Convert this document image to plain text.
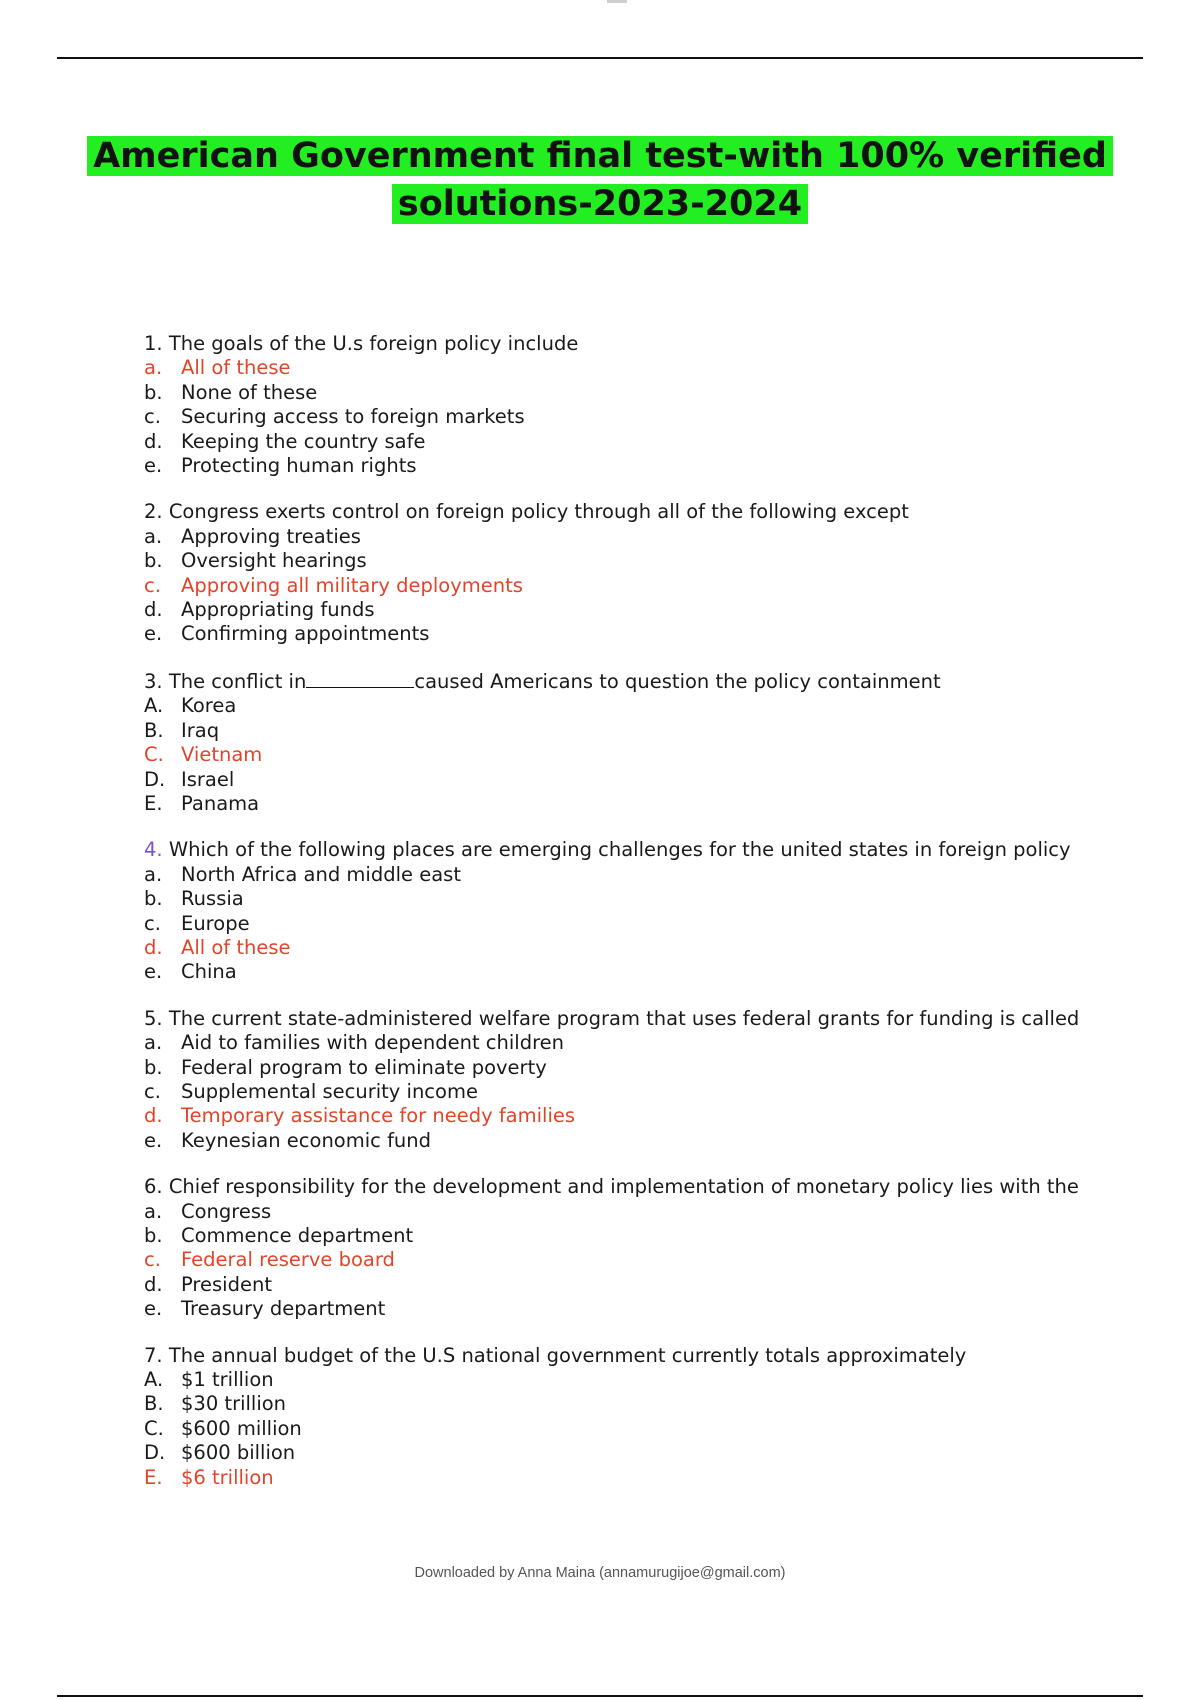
American Government final test-with 100% verified
solutions-2023-2024
1. The goals of the U.s foreign policy include
a. All of these
b. None of these
c. Securing access to foreign markets
d. Keeping the country safe
e. Protecting human rights
2. Congress exerts control on foreign policy through all of the following except
a. Approving treaties
b. Oversight hearings
c. Approving all military deployments
d. Appropriating funds
e. Confirming appointments
3. The conflict in	caused Americans to question the policy containment
A. Korea
B. Iraq
C. Vietnam
D. Israel
E. Panama
4. Which of the following places are emerging challenges for the united states in foreign policy
a. North Africa and middle east
b. Russia
c. Europe
d. All of these
e. China
5. The current state-administered welfare program that uses federal grants for funding is called
a. Aid to families with dependent children
b. Federal program to eliminate poverty
c. Supplemental security income
d. Temporary assistance for needy families
e. Keynesian economic fund
6. Chief responsibility for the development and implementation of monetary policy lies with the
a. Congress
b. Commence department
c. Federal reserve board
d. President
e. Treasury department
7. The annual budget of the U.S national government currently totals approximately
A. $1 trillion
B. $30 trillion
C. $600 million
D. $600 billion
E. $6 trillion
Downloaded by Anna Maina (annamurugijoe@gmail.com)
